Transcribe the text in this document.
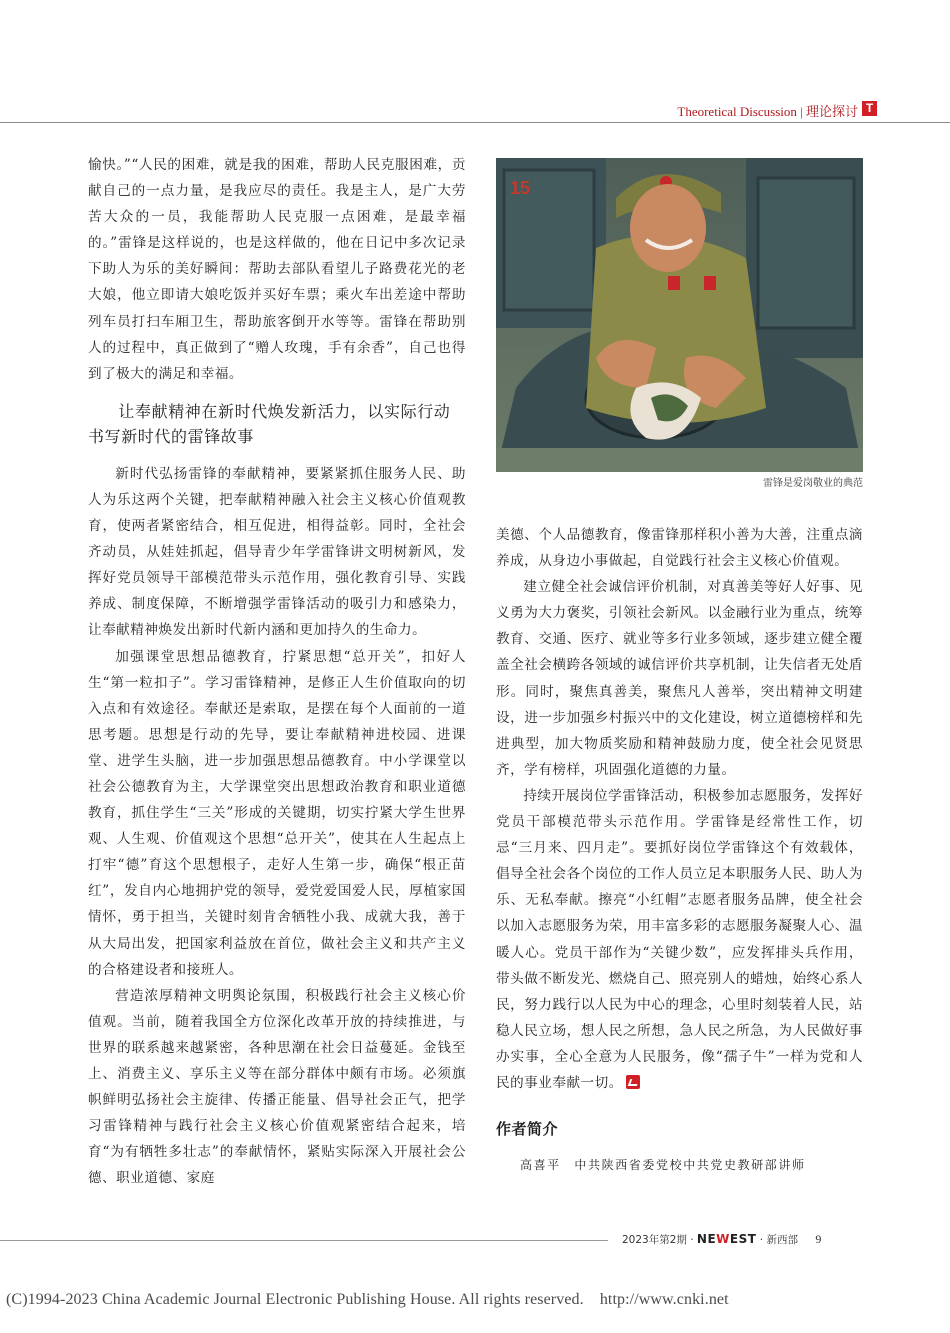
Theoretical Discussion | 理论探讨 T

愉快。”“人民的困难，就是我的困难，帮助人民克服困难，贡献自己的一点力量，是我应尽的责任。我是主人，是广大劳苦大众的一员，我能帮助人民克服一点困难，是最幸福的。”雷锋是这样说的，也是这样做的，他在日记中多次记录下助人为乐的美好瞬间：帮助去部队看望儿子路费花光的老大娘，他立即请大娘吃饭并买好车票；乘火车出差途中帮助列车员打扫车厢卫生，帮助旅客倒开水等等。雷锋在帮助别人的过程中，真正做到了“赠人玫瑰，手有余香”，自己也得到了极大的满足和幸福。

让奉献精神在新时代焕发新活力，以实际行动书写新时代的雷锋故事

新时代弘扬雷锋的奉献精神，要紧紧抓住服务人民、助人为乐这两个关键，把奉献精神融入社会主义核心价值观教育，使两者紧密结合，相互促进，相得益彰。同时，全社会齐动员，从娃娃抓起，倡导青少年学雷锋讲文明树新风，发挥好党员领导干部模范带头示范作用，强化教育引导、实践养成、制度保障，不断增强学雷锋活动的吸引力和感染力，让奉献精神焕发出新时代新内涵和更加持久的生命力。

加强课堂思想品德教育，拧紧思想“总开关”，扣好人生“第一粒扣子”。学习雷锋精神，是修正人生价值取向的切入点和有效途径。奉献还是索取，是摆在每个人面前的一道思考题。思想是行动的先导，要让奉献精神进校园、进课堂、进学生头脑，进一步加强思想品德教育。中小学课堂以社会公德教育为主，大学课堂突出思想政治教育和职业道德教育，抓住学生“三关”形成的关键期，切实拧紧大学生世界观、人生观、价值观这个思想“总开关”，使其在人生起点上打牢“德”育这个思想根子，走好人生第一步，确保“根正苗红”，发自内心地拥护党的领导，爱党爱国爱人民，厚植家国情怀，勇于担当，关键时刻肯舍牺牲小我、成就大我，善于从大局出发，把国家利益放在首位，做社会主义和共产主义的合格建设者和接班人。

营造浓厚精神文明舆论氛围，积极践行社会主义核心价值观。当前，随着我国全方位深化改革开放的持续推进，与世界的联系越来越紧密，各种思潮在社会日益蔓延。金钱至上、消费主义、享乐主义等在部分群体中颇有市场。必须旗帜鲜明弘扬社会主旋律、传播正能量、倡导社会正气，把学习雷锋精神与践行社会主义核心价值观紧密结合起来，培育“为有牺牲多壮志”的奉献情怀，紧贴实际深入开展社会公德、职业道德、家庭

15
雷锋是爱岗敬业的典范

美德、个人品德教育，像雷锋那样积小善为大善，注重点滴养成，从身边小事做起，自觉践行社会主义核心价值观。

建立健全社会诚信评价机制，对真善美等好人好事、见义勇为大力褒奖，引领社会新风。以金融行业为重点，统筹教育、交通、医疗、就业等多行业多领域，逐步建立健全覆盖全社会横跨各领域的诚信评价共享机制，让失信者无处盾形。同时，聚焦真善美，聚焦凡人善举，突出精神文明建设，进一步加强乡村振兴中的文化建设，树立道德榜样和先进典型，加大物质奖励和精神鼓励力度，使全社会见贤思齐，学有榜样，巩固强化道德的力量。

持续开展岗位学雷锋活动，积极参加志愿服务，发挥好党员干部模范带头示范作用。学雷锋是经常性工作，切忌“三月来、四月走”。要抓好岗位学雷锋这个有效载体，倡导全社会各个岗位的工作人员立足本职服务人民、助人为乐、无私奉献。擦亮“小红帽”志愿者服务品牌，使全社会以加入志愿服务为荣，用丰富多彩的志愿服务凝聚人心、温暖人心。党员干部作为“关键少数”，应发挥排头兵作用，带头做不断发光、燃烧自己、照亮别人的蜡烛，始终心系人民，努力践行以人民为中心的理念，心里时刻装着人民，站稳人民立场，想人民之所想，急人民之所急，为人民做好事办实事，全心全意为人民服务，像“孺子牛”一样为党和人民的事业奉献一切。

作者简介
高喜平　中共陕西省委党校中共党史教研部讲师
2023年第2期 · NEWEST · 新西部 9
(C)1994-2023 China Academic Journal Electronic Publishing House. All rights reserved.　http://www.cnki.net
